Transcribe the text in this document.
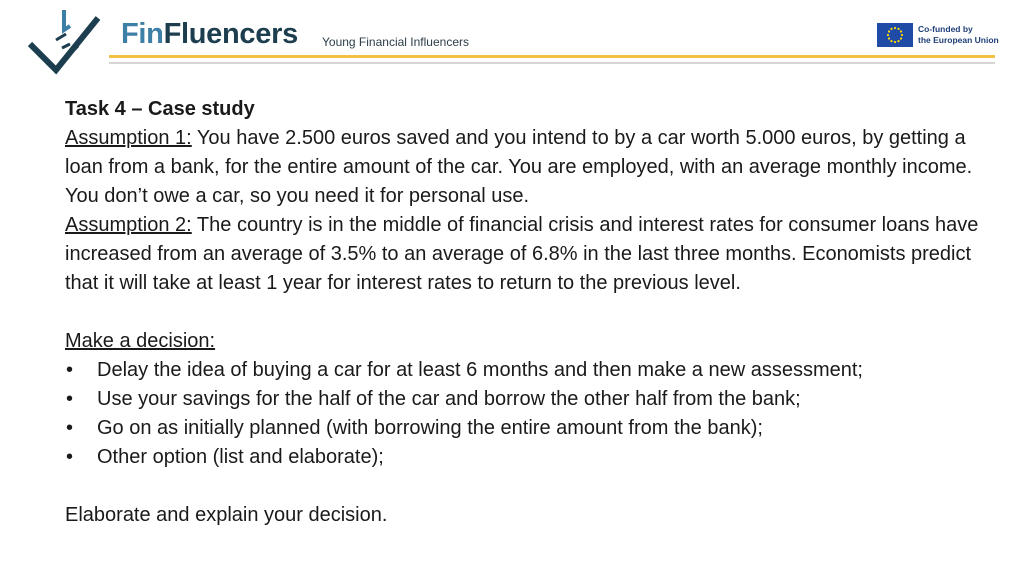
FinFluencers Young Financial Influencers
Co-funded by
the European Union

Task 4 – Case study

Assumption 1: You have 2.500 euros saved and you intend to by a car worth 5.000 euros, by getting a loan from a bank, for the entire amount of the car. You are employed, with an average monthly income. You don’t owe a car, so you need it for personal use.

Assumption 2: The country is in the middle of financial crisis and interest rates for consumer loans have increased from an average of 3.5% to an average of 6.8% in the last three months. Economists predict that it will take at least 1 year for interest rates to return to the previous level.

Make a decision:

• Delay the idea of buying a car for at least 6 months and then make a new assessment;
• Use your savings for the half of the car and borrow the other half from the bank;
• Go on as initially planned (with borrowing the entire amount from the bank);
• Other option (list and elaborate);

Elaborate and explain your decision.
